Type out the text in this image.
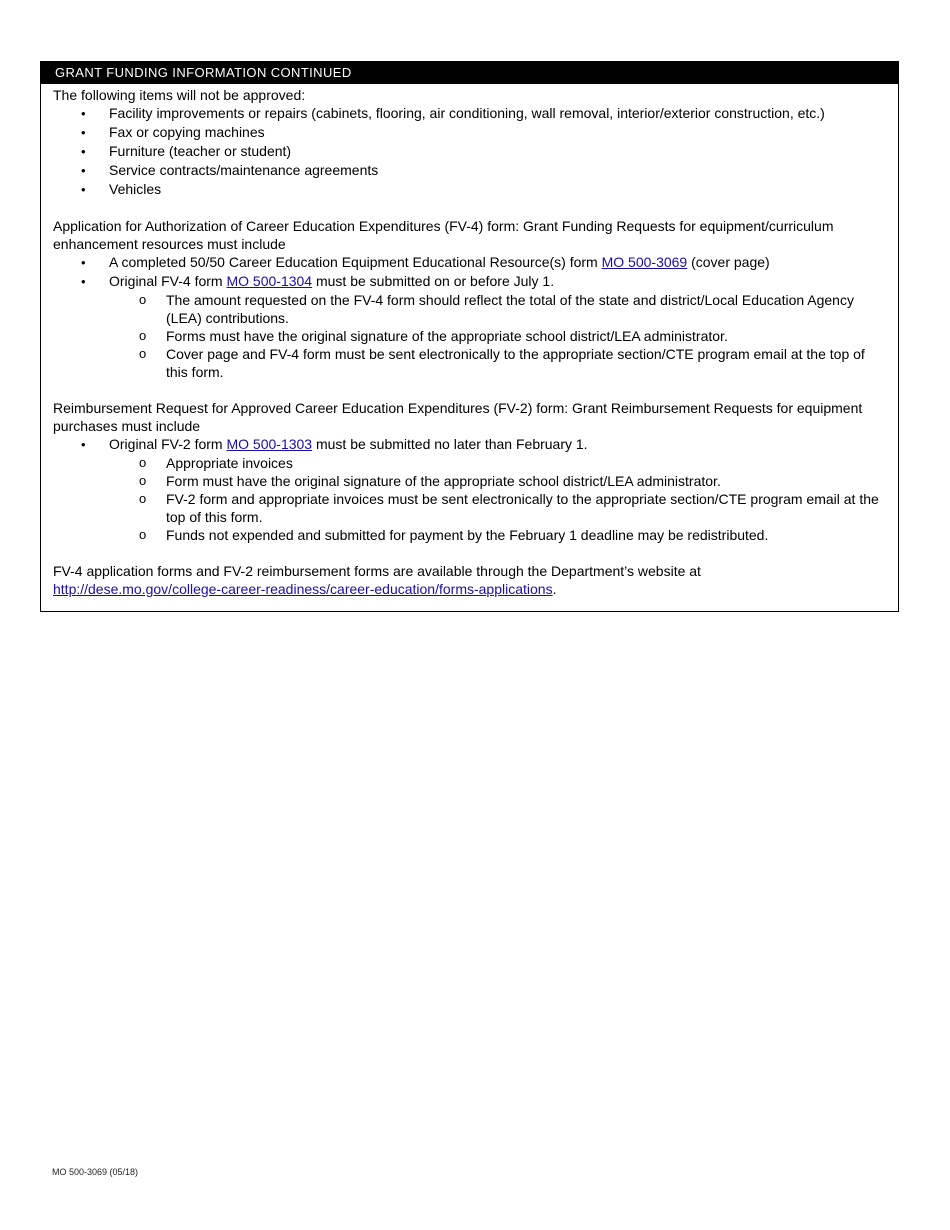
GRANT FUNDING INFORMATION CONTINUED

The following items will not be approved:

• Facility improvements or repairs (cabinets, flooring, air conditioning, wall removal, interior/exterior construction, etc.)
• Fax or copying machines
• Furniture (teacher or student)
• Service contracts/maintenance agreements
• Vehicles

Application for Authorization of Career Education Expenditures (FV-4) form: Grant Funding Requests for equipment/curriculum enhancement resources must include

• A completed 50/50 Career Education Equipment Educational Resource(s) form MO 500-3069 (cover page)
• Original FV-4 form MO 500-1304 must be submitted on or before July 1.
o The amount requested on the FV-4 form should reflect the total of the state and district/Local Education Agency (LEA) contributions.
o Forms must have the original signature of the appropriate school district/LEA administrator.
o Cover page and FV-4 form must be sent electronically to the appropriate section/CTE program email at the top of this form.

Reimbursement Request for Approved Career Education Expenditures (FV-2) form: Grant Reimbursement Requests for equipment purchases must include

• Original FV-2 form MO 500-1303 must be submitted no later than February 1.
o Appropriate invoices
o Form must have the original signature of the appropriate school district/LEA administrator.
o FV-2 form and appropriate invoices must be sent electronically to the appropriate section/CTE program email at the top of this form.
o Funds not expended and submitted for payment by the February 1 deadline may be redistributed.

FV-4 application forms and FV-2 reimbursement forms are available through the Department’s website at
http://dese.mo.gov/college-career-readiness/career-education/forms-applications.

MO 500-3069 (05/18)
